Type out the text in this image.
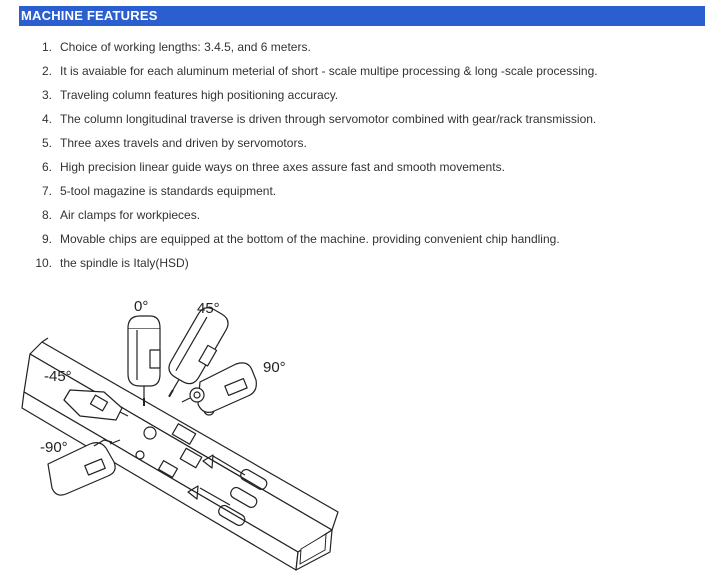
MACHINE FEATURES
1. Choice of working lengths: 3.4.5, and 6 meters.
2. It is avaiable for each aluminum meterial of short - scale multipe processing & long -scale processing.
3. Traveling column features high positioning accuracy.
4. The column longitudinal traverse is driven through servomotor combined with gear/rack transmission.
5. Three axes travels and driven by servomotors.
6. High precision linear guide ways on three axes assure fast and smooth movements.
7. 5-tool magazine is standards equipment.
8. Air clamps for workpieces.
9. Movable chips are equipped at the bottom of the machine. providing convenient chip handling.
10. the spindle is Italy(HSD)
0°	45°
90°
-45°
-90°
